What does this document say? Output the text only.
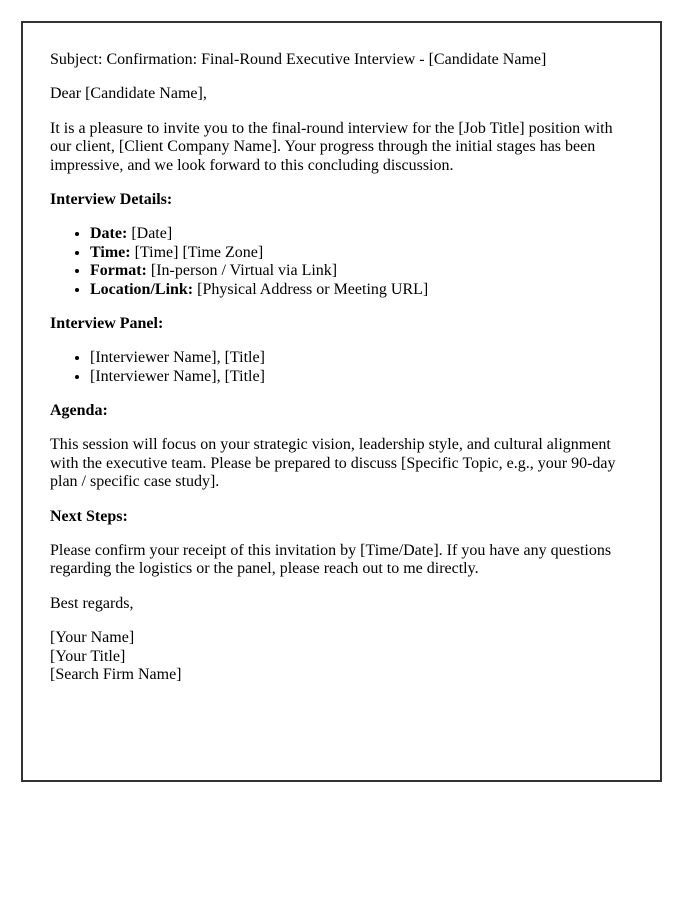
Subject: Confirmation: Final-Round Executive Interview - [Candidate Name]

Dear [Candidate Name],

It is a pleasure to invite you to the final-round interview for the [Job Title] position with our client, [Client Company Name]. Your progress through the initial stages has been impressive, and we look forward to this concluding discussion.

Interview Details:

• Date: [Date]
• Time: [Time] [Time Zone]
• Format: [In-person / Virtual via Link]
• Location/Link: [Physical Address or Meeting URL]

Interview Panel:

• [Interviewer Name], [Title]
• [Interviewer Name], [Title]

Agenda:

This session will focus on your strategic vision, leadership style, and cultural alignment with the executive team. Please be prepared to discuss [Specific Topic, e.g., your 90-day plan / specific case study].

Next Steps:

Please confirm your receipt of this invitation by [Time/Date]. If you have any questions regarding the logistics or the panel, please reach out to me directly.

Best regards,

[Your Name]
[Your Title]
[Search Firm Name]
